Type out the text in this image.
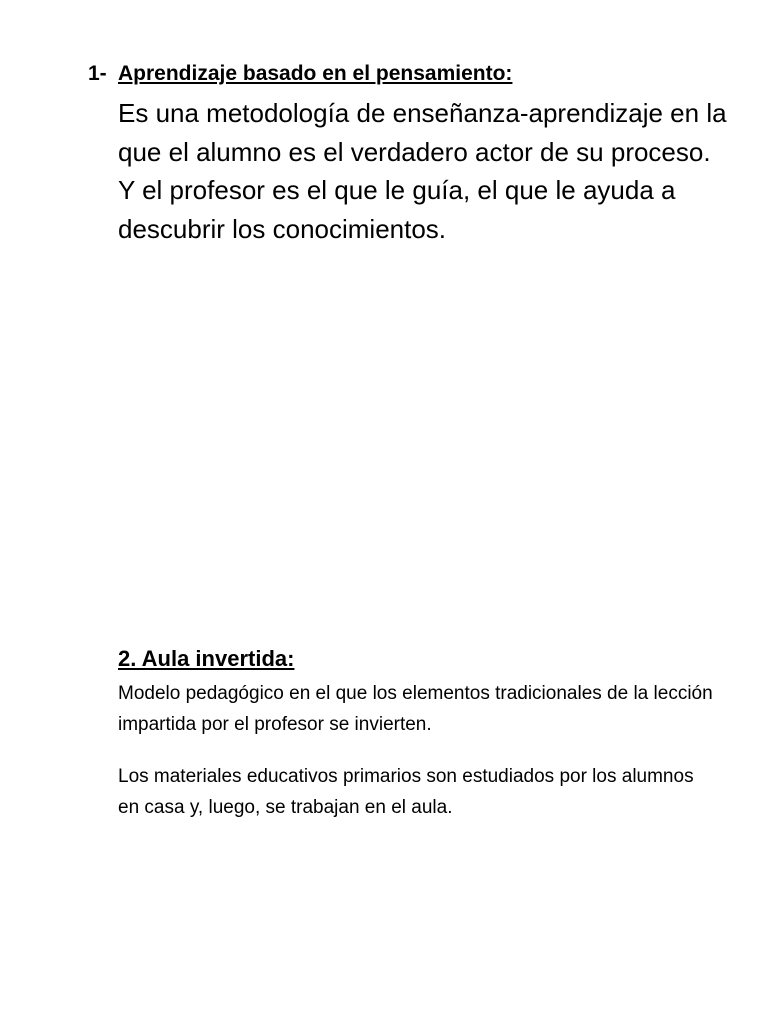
1- Aprendizaje basado en el pensamiento:
Es una metodología de enseñanza-aprendizaje en la que el alumno es el verdadero actor de su proceso. Y el profesor es el que le guía, el que le ayuda a descubrir los conocimientos.
2. Aula invertida:
Modelo pedagógico en el que los elementos tradicionales de la lección impartida por el profesor se invierten.
Los materiales educativos primarios son estudiados por los alumnos en casa y, luego, se trabajan en el aula.
